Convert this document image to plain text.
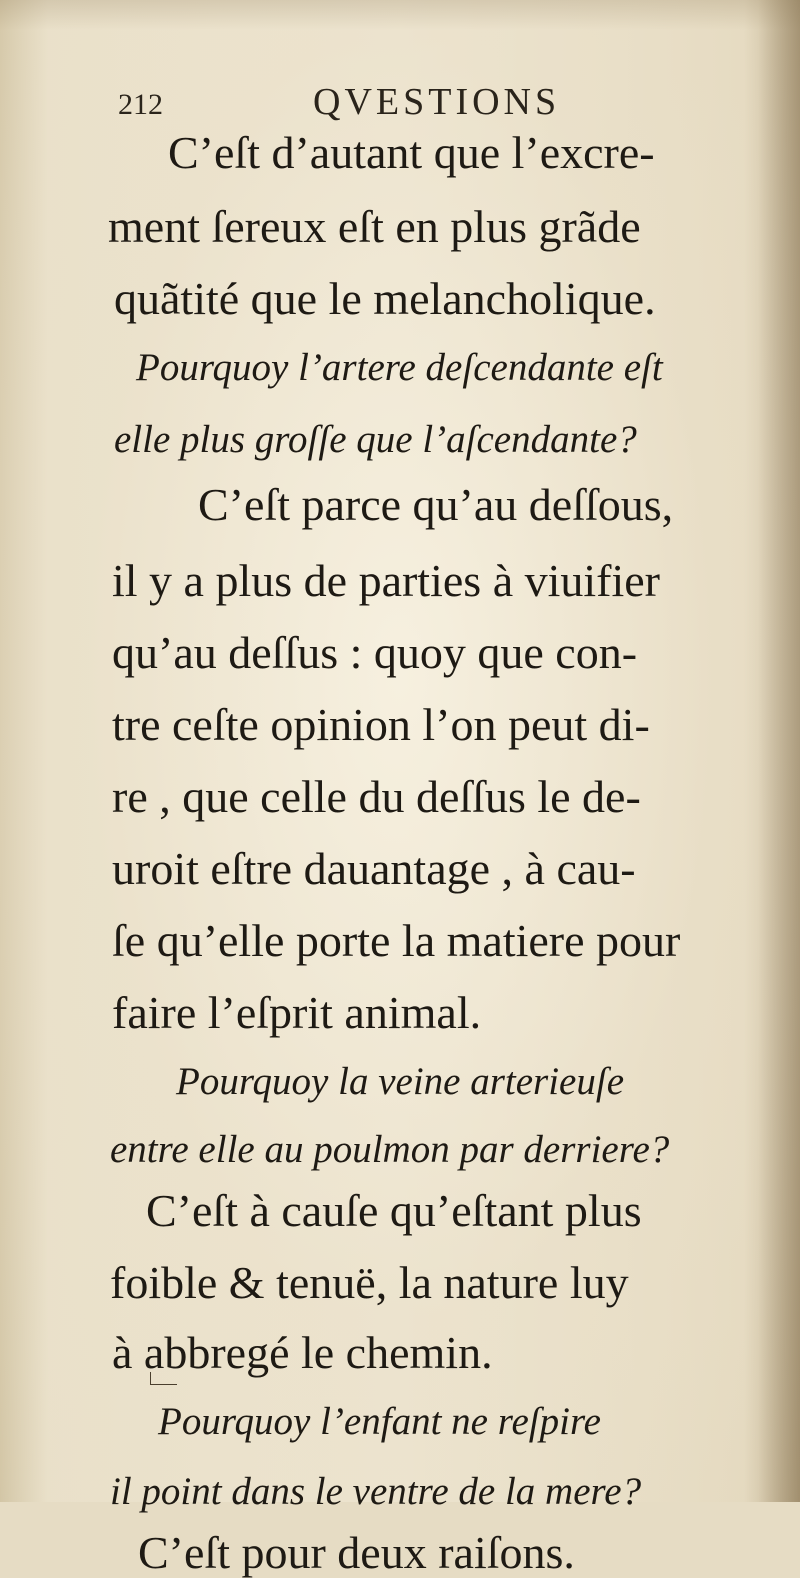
212	QVESTIONS
C’eſt d’autant que l’excre-
ment ſereux eſt en plus grãde
quãtité que le melancholique.
Pourquoy l’artere deſcendante eſt
elle plus groſſe que l’aſcendante?
C’eſt parce qu’au deſſous,
il y a plus de parties à viuifier
qu’au deſſus : quoy que con-
tre ceſte opinion l’on peut di-
re , que celle du deſſus le de-
uroit eſtre dauantage , à cau-
ſe qu’elle porte la matiere pour
faire l’eſprit animal.
Pourquoy la veine arterieuſe
entre elle au poulmon par derriere?
C’eſt à cauſe qu’eſtant plus
foible & tenuë, la nature luy
à abbregé le chemin.
Pourquoy l’enfant ne reſpire
il point dans le ventre de la mere?
C’eſt pour deux raiſons.
